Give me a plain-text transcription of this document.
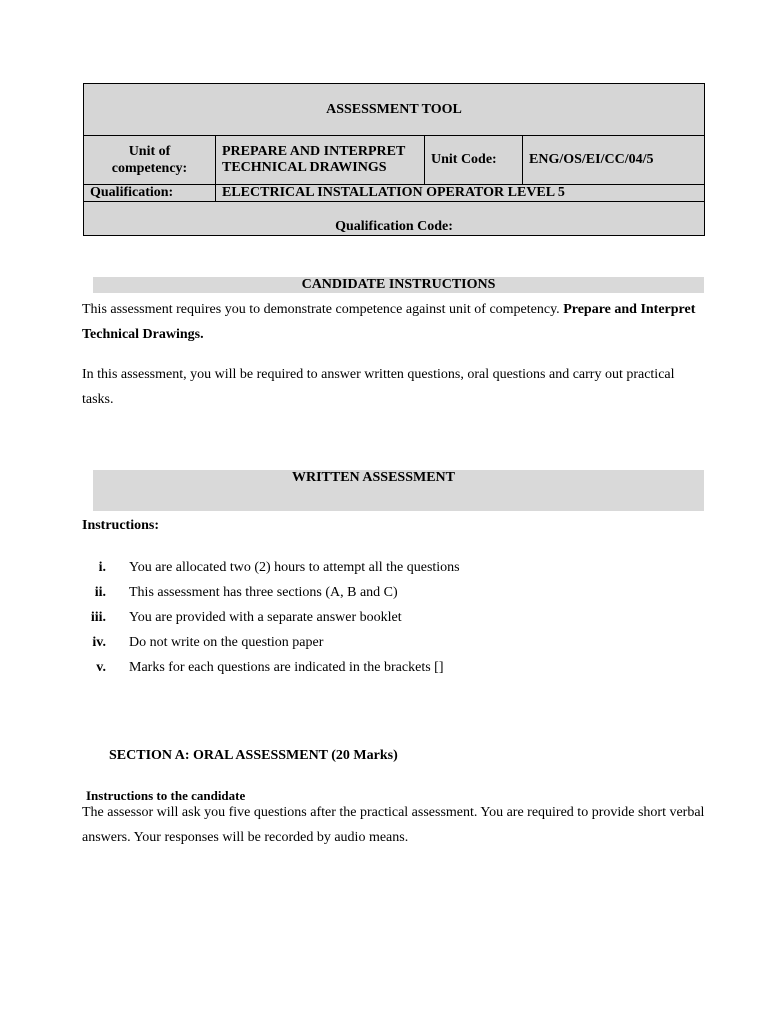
ASSESSMENT TOOL			
Unit of competency:	PREPARE AND INTERPRET TECHNICAL DRAWINGS	Unit Code:	ENG/OS/EI/CC/04/5
Qualification:	ELECTRICAL INSTALLATION OPERATOR LEVEL 5		
Qualification Code:			
CANDIDATE INSTRUCTIONS
This assessment requires you to demonstrate competence against unit of competency. Prepare and Interpret Technical Drawings.
In this assessment, you will be required to answer written questions, oral questions and carry out practical tasks.
WRITTEN ASSESSMENT
Instructions:
i. You are allocated two (2) hours to attempt all the questions
ii. This assessment has three sections (A, B and C)
iii. You are provided with a separate answer booklet
iv. Do not write on the question paper
v. Marks for each questions are indicated in the brackets []
SECTION A: ORAL ASSESSMENT (20 Marks)
Instructions to the candidate
The assessor will ask you five questions after the practical assessment. You are required to provide short verbal answers. Your responses will be recorded by audio means.
